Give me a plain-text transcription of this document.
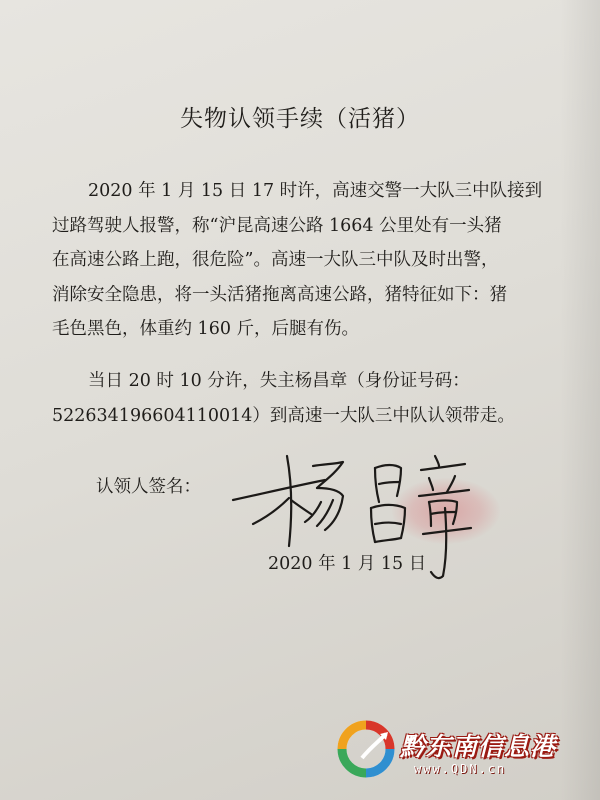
失物认领手续（活猪）

2020 年 1 月 15 日 17 时许，高速交警一大队三中队接到
过路驾驶人报警，称“沪昆高速公路 1664 公里处有一头猪
在高速公路上跑，很危险”。高速一大队三中队及时出警，
消除安全隐患，将一头活猪拖离高速公路，猪特征如下：猪
毛色黑色，体重约 160 斤，后腿有伤。

当日 20 时 10 分许，失主杨昌章（身份证号码：
522634196604110014）到高速一大队三中队认领带走。

认领人签名：
2020 年 1 月 15 日
黔东南信息港
www.QDN.cn
